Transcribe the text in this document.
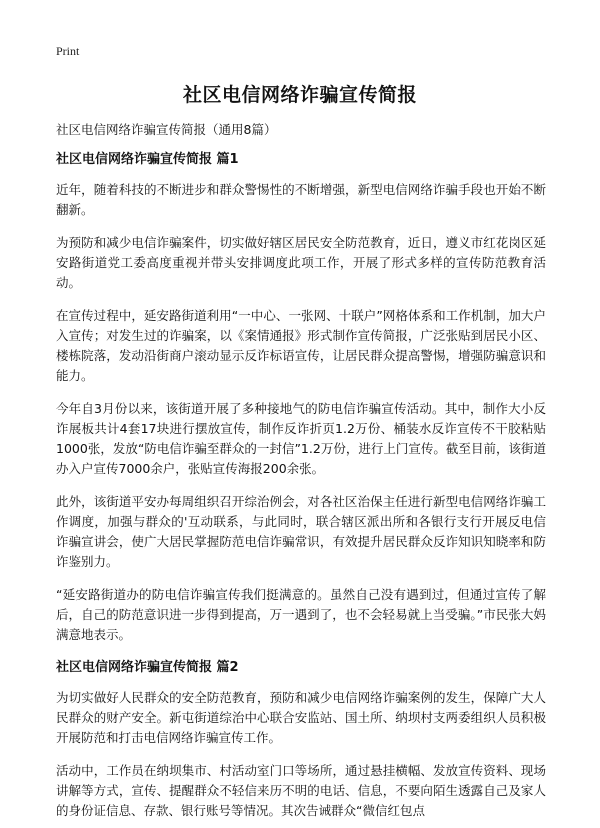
Print
社区电信网络诈骗宣传简报
社区电信网络诈骗宣传简报（通用8篇）
社区电信网络诈骗宣传简报 篇1

近年，随着科技的不断进步和群众警惕性的不断增强，新型电信网络诈骗手段也开始不断翻新。

为预防和减少电信诈骗案件，切实做好辖区居民安全防范教育，近日，遵义市红花岗区延安路街道党工委高度重视并带头安排调度此项工作，开展了形式多样的宣传防范教育活动。

在宣传过程中，延安路街道利用“一中心、一张网、十联户”网格体系和工作机制，加大户入宣传；对发生过的诈骗案，以《案情通报》形式制作宣传简报，广泛张贴到居民小区、楼栋院落，发动沿街商户滚动显示反诈标语宣传，让居民群众提高警惕，增强防骗意识和能力。

今年自3月份以来，该街道开展了多种接地气的防电信诈骗宣传活动。其中，制作大小反诈展板共计4套17块进行摆放宣传，制作反诈折页1.2万份、桶装水反诈宣传不干胶粘贴1000张，发放“防电信诈骗至群众的一封信”1.2万份，进行上门宣传。截至目前，该街道办入户宣传7000余户，张贴宣传海报200余张。

此外，该街道平安办每周组织召开综治例会，对各社区治保主任进行新型电信网络诈骗工作调度，加强与群众的'互动联系，与此同时，联合辖区派出所和各银行支行开展反电信诈骗宣讲会，使广大居民掌握防范电信诈骗常识，有效提升居民群众反诈知识知晓率和防诈鉴别力。

“延安路街道办的防电信诈骗宣传我们挺满意的。虽然自己没有遇到过，但通过宣传了解后，自己的防范意识进一步得到提高，万一遇到了，也不会轻易就上当受骗。”市民张大妈满意地表示。

社区电信网络诈骗宣传简报 篇2

为切实做好人民群众的安全防范教育，预防和减少电信网络诈骗案例的发生，保障广大人民群众的财产安全。新屯街道综治中心联合安监站、国土所、纳坝村支两委组织人员积极开展防范和打击电信网络诈骗宣传工作。

活动中，工作员在纳坝集市、村活动室门口等场所，通过悬挂横幅、发放宣传资料、现场讲解等方式，宣传、提醒群众不轻信来历不明的电话、信息，不要向陌生透露自己及家人的身份证信息、存款、银行账号等情况。其次告诫群众“微信红包点
